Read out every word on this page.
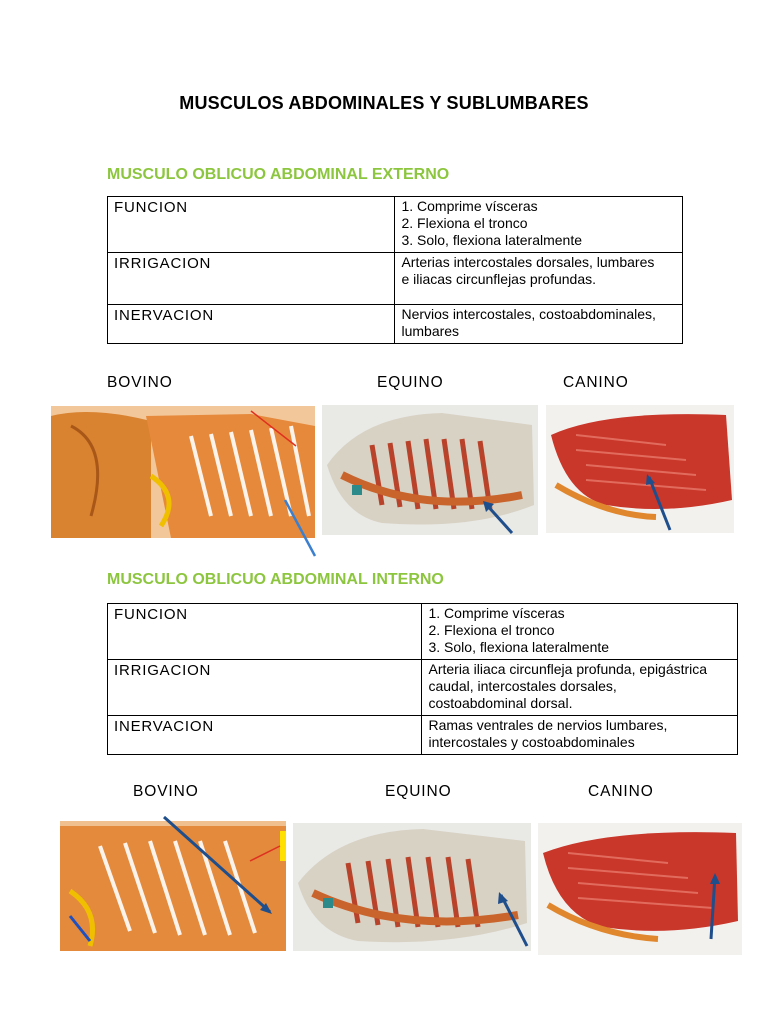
MUSCULOS ABDOMINALES Y SUBLUMBARES
MUSCULO OBLICUO ABDOMINAL EXTERNO
FUNCION	1. Comprime vísceras
2. Flexiona el tronco
3. Solo, flexiona lateralmente

IRRIGACION	Arterias intercostales dorsales, lumbares
e iliacas circunflejas profundas.

INERVACION	Nervios intercostales, costoabdominales,
lumbares
BOVINO	EQUINO	CANINO
MUSCULO OBLICUO ABDOMINAL INTERNO
FUNCION	1. Comprime vísceras
2. Flexiona el tronco
3. Solo, flexiona lateralmente

IRRIGACION	Arteria iliaca circunfleja profunda, epigástrica
caudal, intercostales dorsales,
costoabdominal dorsal.

INERVACION	Ramas ventrales de nervios lumbares,
intercostales y costoabdominales
BOVINO	EQUINO	CANINO
